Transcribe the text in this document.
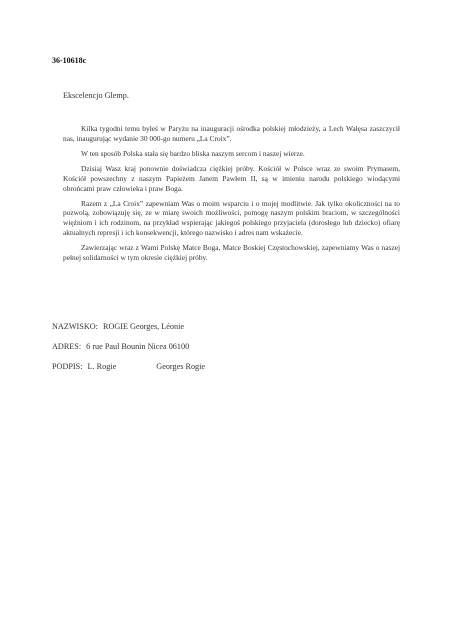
36-10618c
Ekscelencjo Glemp.

Kilka tygodni temu byłeś w Paryżu na inauguracji ośrodka polskiej młodzieży, a Lech Wałęsa zaszczycił nas, inaugurując wydanie 30 000-go numeru „La Croix”.

W ten sposób Polska stała się bardzo bliska naszym sercom i naszej wierze.

Dzisiaj Wasz kraj ponownie doświadcza ciężkiej próby. Kościół w Polsce wraz ze swoim Prymasem, Kościół powszechny z naszym Papieżem Janem Pawłem II, są w imieniu narodu polskiego wiodącymi obrońcami praw człowieka i praw Boga.

Razem z „La Croix” zapewniam Was o moim wsparciu i o mojej modlitwie. Jak tylko okoliczności na to pozwolą, zobowiązuję się, ze w miarę swoich możliwości, pomogę naszym polskim braciom, w szczególności więźniom i ich rodzinom, na przykład wspierając jakiegoś polskiego przyjaciela (dorosłego lub dziecko) ofiarę aktualnych represji i ich konsekwencji, którego nazwisko i adres nam wskażecie.

Zawierzając wraz z Wami Polskę Matce Boga, Matce Boskiej Częstochowskiej, zapewniamy Was o naszej pełnej solidarności w tym okresie ciężkiej próby.

NAZWISKO: ROGIE Georges, Léonie
ADRES: 6 rue Paul Bounin Nicea 06100
PODPIS: L. Rogie	Georges Rogie
